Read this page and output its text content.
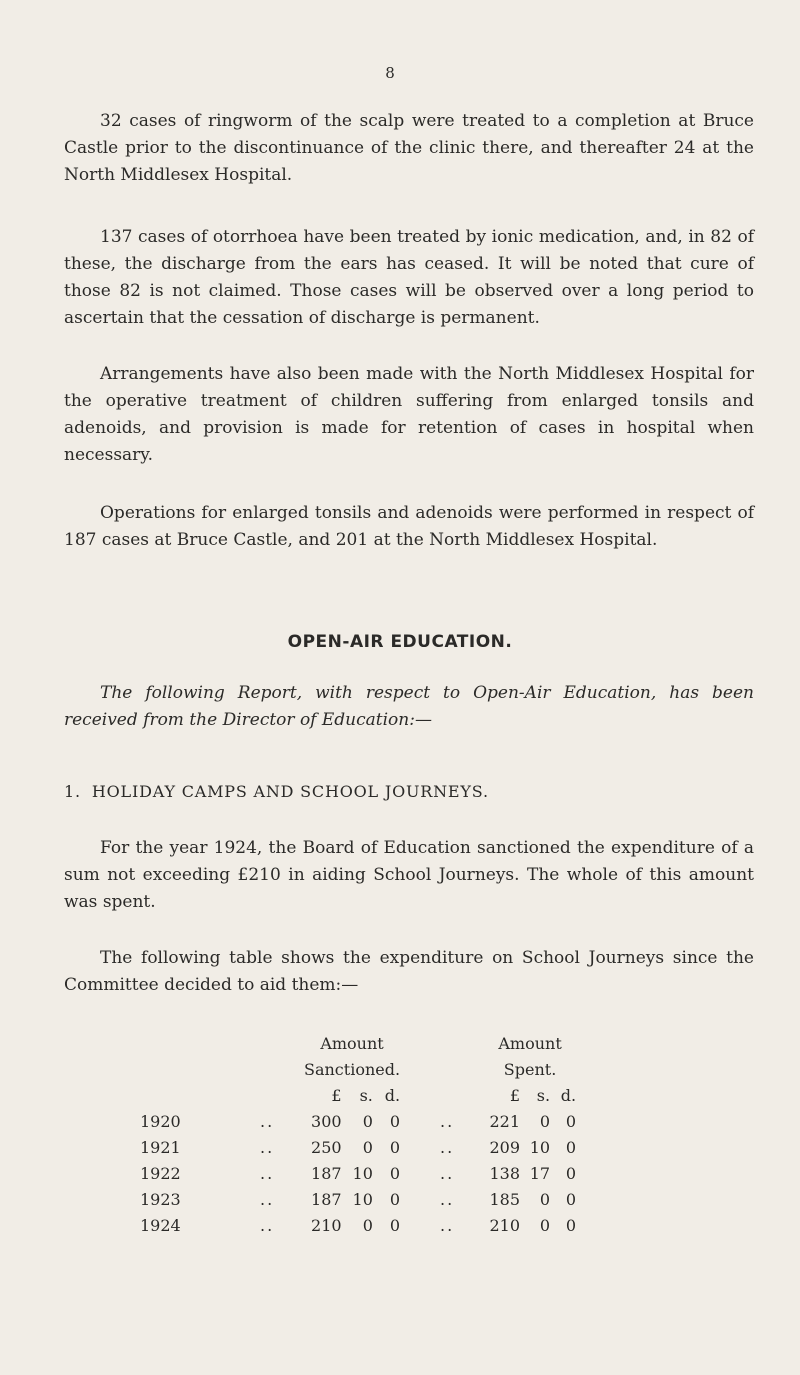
8

32 cases of ringworm of the scalp were treated to a completion at Bruce Castle prior to the discontinuance of the clinic there, and thereafter 24 at the North Middlesex Hospital.

137 cases of otorrhoea have been treated by ionic medication, and, in 82 of these, the discharge from the ears has ceased. It will be noted that cure of those 82 is not claimed. Those cases will be observed over a long period to ascertain that the cessation of discharge is permanent.

Arrangements have also been made with the North Middlesex Hospital for the operative treatment of children suffering from enlarged tonsils and adenoids, and provision is made for retention of cases in hospital when necessary.

Operations for enlarged tonsils and adenoids were performed in respect of 187 cases at Bruce Castle, and 201 at the North Middlesex Hospital.

OPEN-AIR EDUCATION.

The following Report, with respect to Open-Air Education, has been received from the Director of Education:—

1. HOLIDAY CAMPS AND SCHOOL JOURNEYS.

For the year 1924, the Board of Education sanctioned the expenditure of a sum not exceeding £210 in aiding School Journeys. The whole of this amount was spent.

The following table shows the expenditure on School Journeys since the Committee decided to aid them:—

		Amount				Amount		
		Sanctioned.				Spent.		
		£	s.	d.		£	s.	d.
1920	..	300	0	0	..	221	0	0
1921	..	250	0	0	..	209	10	0
1922	..	187	10	0	..	138	17	0
1923	..	187	10	0	..	185	0	0
1924	..	210	0	0	..	210	0	0
